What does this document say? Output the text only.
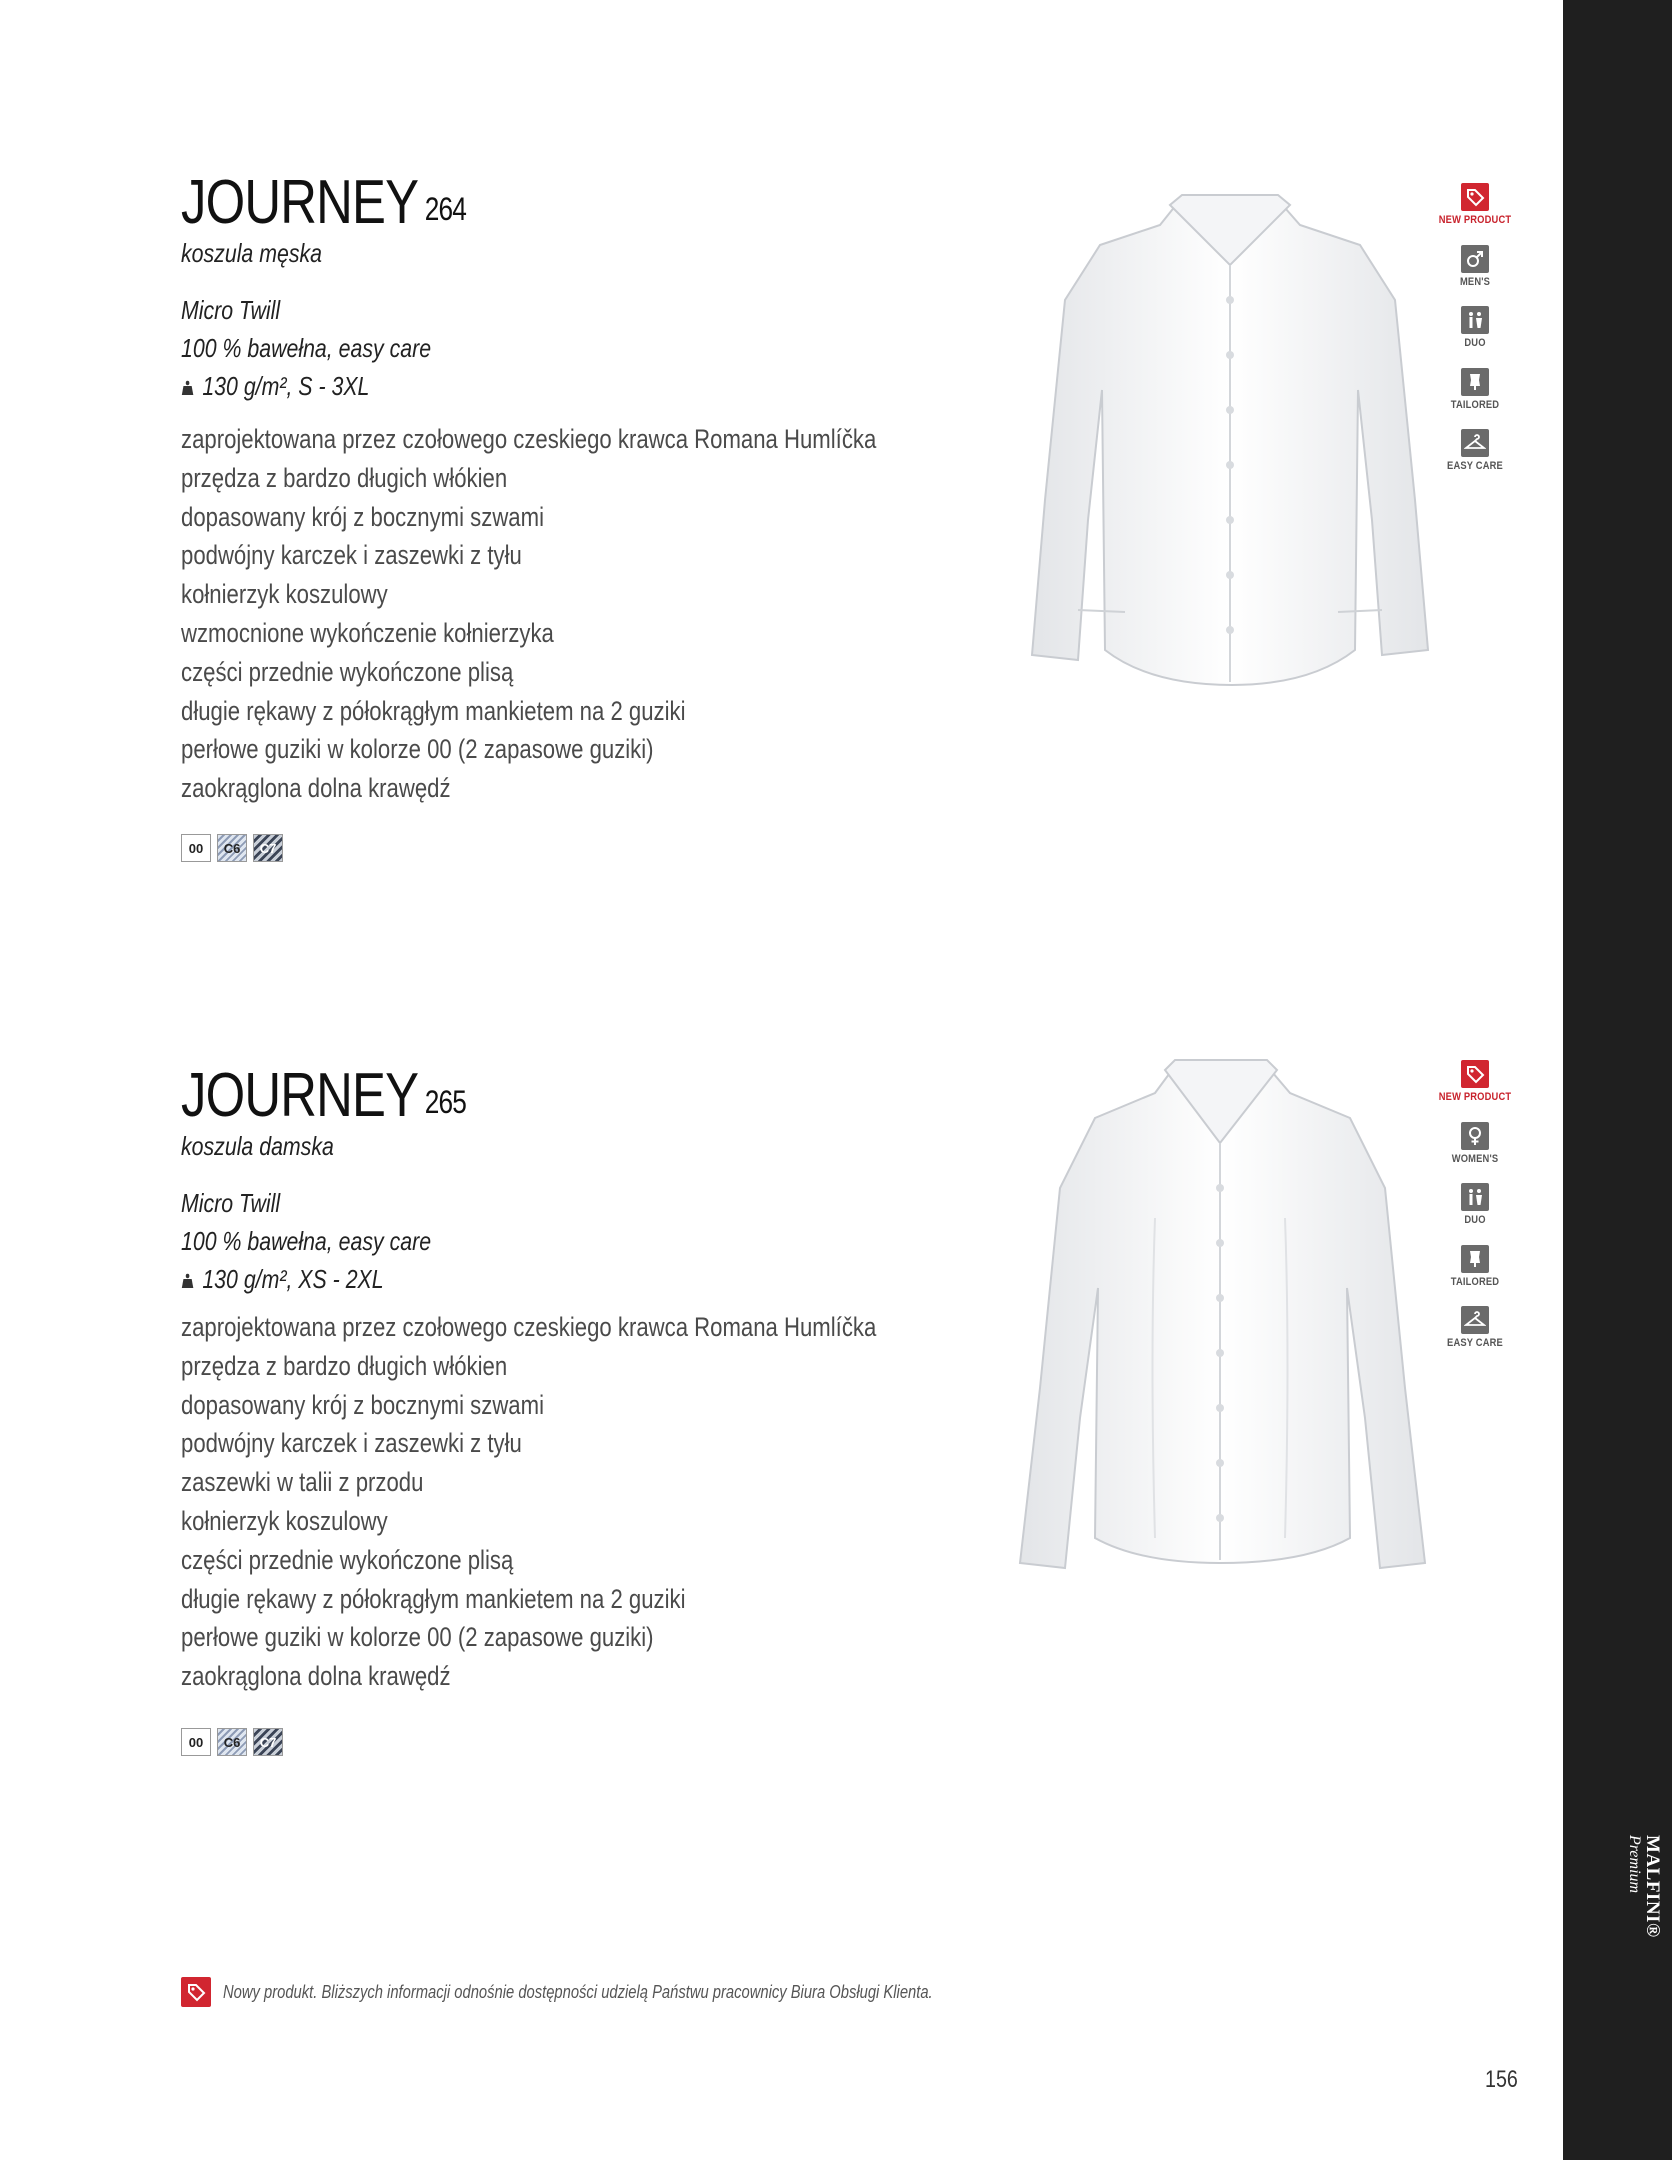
MALFINI®
Premium
JOURNEY $^{264}$
koszula męska
Micro Twill
100 % bawełna, easy care
130 g/m², S - 3XL
zaprojektowana przez czołowego czeskiego krawca Romana Humlíčka
przędza z bardzo długich włókien
dopasowany krój z bocznymi szwami
podwójny karczek i zaszewki z tyłu
kołnierzyk koszulowy
wzmocnione wykończenie kołnierzyka
części przednie wykończone plisą
długie rękawy z półokrągłym mankietem na 2 guziki
perłowe guziki w kolorze 00 (2 zapasowe guziki)
zaokrąglona dolna krawędź
00	C6	C7
NEW PRODUCT
MEN'S
DUO
TAILORED
EASY CARE
JOURNEY $^{265}$
koszula damska
Micro Twill
100 % bawełna, easy care
130 g/m², XS - 2XL
zaprojektowana przez czołowego czeskiego krawca Romana Humlíčka
przędza z bardzo długich włókien
dopasowany krój z bocznymi szwami
podwójny karczek i zaszewki z tyłu
zaszewki w talii z przodu
kołnierzyk koszulowy
części przednie wykończone plisą
długie rękawy z półokrągłym mankietem na 2 guziki
perłowe guziki w kolorze 00 (2 zapasowe guziki)
zaokrąglona dolna krawędź
00	C6	C7
NEW PRODUCT
WOMEN'S
DUO
TAILORED
EASY CARE
Nowy produkt. Bliższych informacji odnośnie dostępności udzielą Państwu pracownicy Biura Obsługi Klienta.
156
